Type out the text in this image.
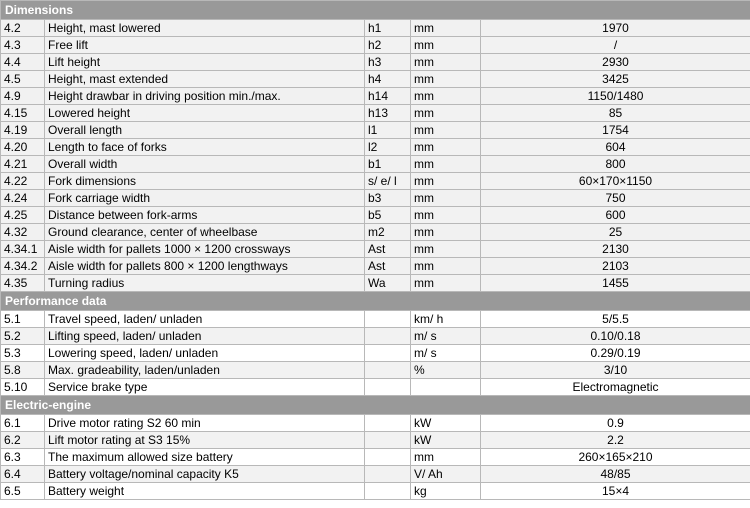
Dimensions				
4.2	Height, mast lowered	h1	mm	1970
4.3	Free lift	h2	mm	/
4.4	Lift height	h3	mm	2930
4.5	Height, mast extended	h4	mm	3425
4.9	Height drawbar in driving position min./max.	h14	mm	1150/1480
4.15	Lowered height	h13	mm	85
4.19	Overall length	l1	mm	1754
4.20	Length to face of forks	l2	mm	604
4.21	Overall width	b1	mm	800
4.22	Fork dimensions	s/ e/ l	mm	60×170×1150
4.24	Fork carriage width	b3	mm	750
4.25	Distance between fork-arms	b5	mm	600
4.32	Ground clearance, center of wheelbase	m2	mm	25
4.34.1	Aisle width for pallets 1000 × 1200 crossways	Ast	mm	2130
4.34.2	Aisle width for pallets 800 × 1200 lengthways	Ast	mm	2103
4.35	Turning radius	Wa	mm	1455
Performance data				
5.1	Travel speed, laden/ unladen		km/ h	5/5.5
5.2	Lifting speed, laden/ unladen		m/ s	0.10/0.18
5.3	Lowering speed, laden/ unladen		m/ s	0.29/0.19
5.8	Max. gradeability, laden/unladen		%	3/10
5.10	Service brake type			Electromagnetic
Electric-engine				
6.1	Drive motor rating S2 60 min		kW	0.9
6.2	Lift motor rating at S3 15%		kW	2.2
6.3	The maximum allowed size battery		mm	260×165×210
6.4	Battery voltage/nominal capacity K5		V/ Ah	48/85
6.5	Battery weight		kg	15×4
